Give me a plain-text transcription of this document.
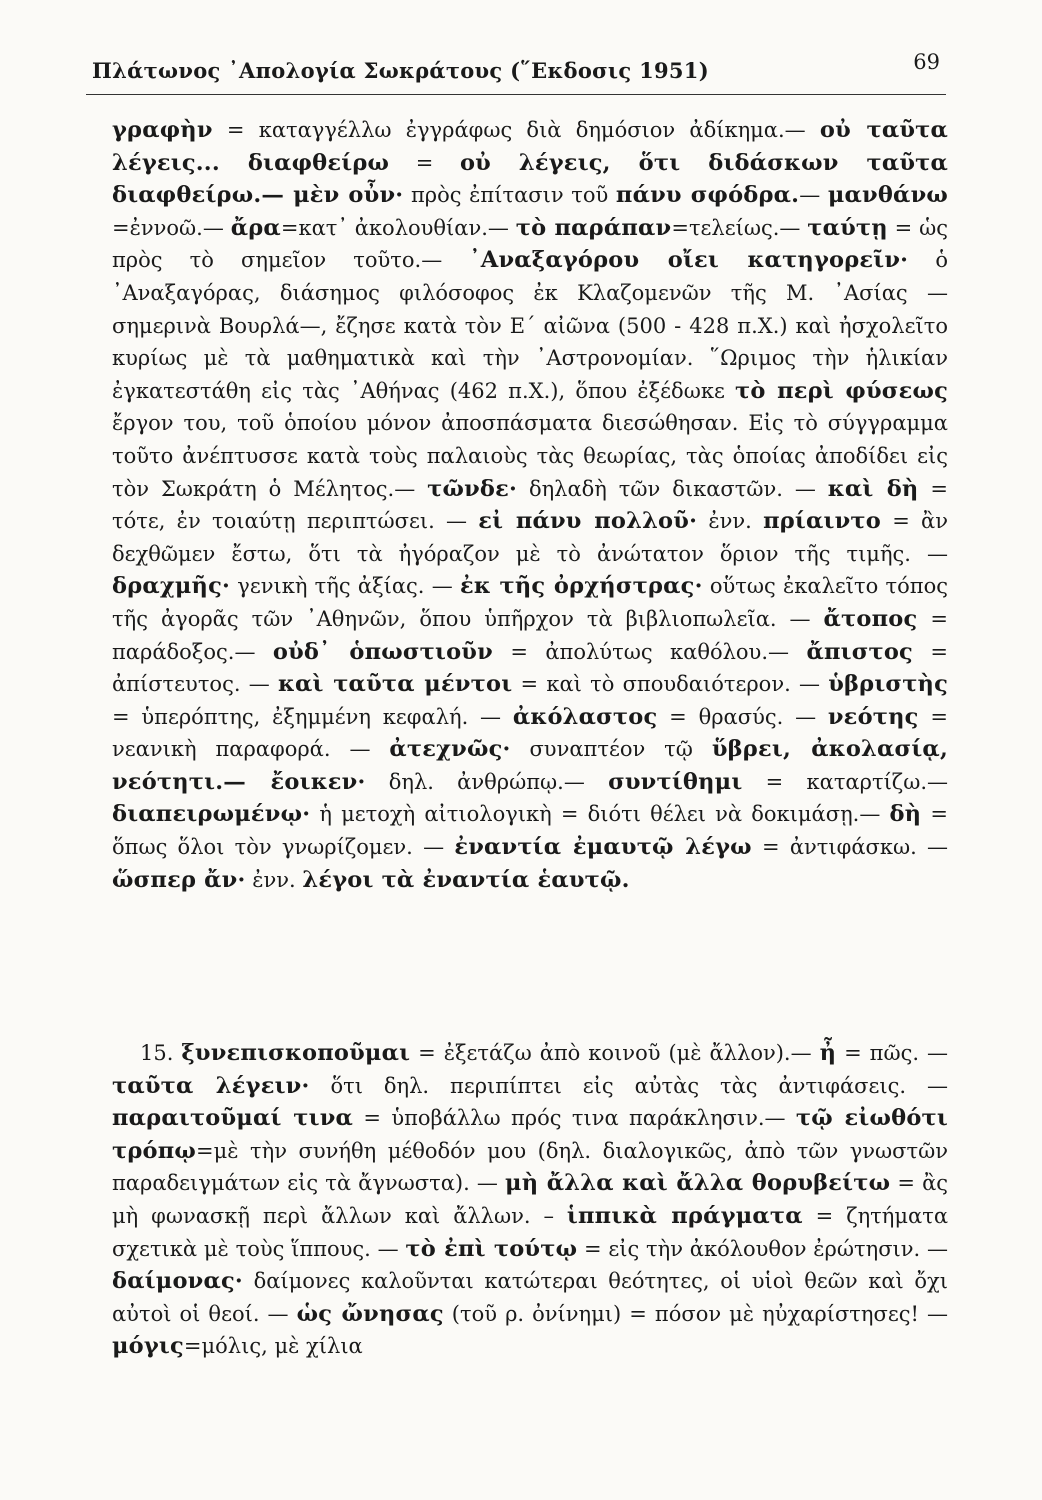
Πλάτωνος ᾽Απολογία Σωκράτους (῞Εκδοσις 1951)	69

γραφὴν = καταγγέλλω ἐγγράφως διὰ δημόσιον ἀδίκημα.— οὐ ταῦτα λέγεις... διαφθείρω = οὐ λέγεις, ὅτι διδάσκων ταῦτα διαφθείρω.— μὲν οὖν· πρὸς ἐπίτασιν τοῦ πάνυ σφόδρα.— μανθάνω =ἐννοῶ.— ἄρα=κατ᾽ ἀκολουθίαν.— τὸ παράπαν=τελείως.— ταύτῃ = ὡς πρὸς τὸ σημεῖον τοῦτο.— ᾽Αναξαγόρου οἴει κατηγορεῖν· ὁ ᾽Αναξαγόρας, διάσημος φιλόσοφος ἐκ Κλαζομενῶν τῆς Μ. ᾽Ασίας — σημερινὰ Βουρλά—, ἔζησε κατὰ τὸν Ε΄ αἰῶνα (500 - 428 π.Χ.) καὶ ἠσχολεῖτο κυρίως μὲ τὰ μαθηματικὰ καὶ τὴν ᾽Αστρονομίαν. ῞Ωριμος τὴν ἡλικίαν ἐγκατεστάθη εἰς τὰς ᾽Αθήνας (462 π.Χ.), ὅπου ἐξέδωκε τὸ περὶ φύσεως ἔργον του, τοῦ ὁποίου μόνον ἀποσπάσματα διεσώθησαν. Εἰς τὸ σύγγραμμα τοῦτο ἀνέπτυσσε κατὰ τοὺς παλαιοὺς τὰς θεωρίας, τὰς ὁποίας ἀποδίδει εἰς τὸν Σωκράτη ὁ Μέλητος.— τῶνδε· δηλαδὴ τῶν δικαστῶν. — καὶ δὴ = τότε, ἐν τοιαύτῃ περιπτώσει. — εἰ πάνυ πολλοῦ· ἐνν. πρίαιντο = ἂν δεχθῶμεν ἔστω, ὅτι τὰ ἠγόραζον μὲ τὸ ἀνώτατον ὅριον τῆς τιμῆς. — δραχμῆς· γενικὴ τῆς ἀξίας. — ἐκ τῆς ὀρχήστρας· οὕτως ἐκαλεῖτο τόπος τῆς ἀγορᾶς τῶν ᾽Αθηνῶν, ὅπου ὑπῆρχον τὰ βιβλιοπωλεῖα. — ἄτοπος = παράδοξος.— οὐδ᾽ ὁπωστιοῦν = ἀπολύτως καθόλου.— ἄπιστος = ἀπίστευτος. — καὶ ταῦτα μέντοι = καὶ τὸ σπουδαιότερον. — ὑβριστὴς = ὑπερόπτης, ἐξημμένη κεφαλή. — ἀκόλαστος = θρασύς. — νεότης = νεανικὴ παραφορά. — ἀτεχνῶς· συναπτέον τῷ ὕβρει, ἀκολασίᾳ, νεότητι.— ἔοικεν· δηλ. ἀνθρώπῳ.— συντίθημι = καταρτίζω.— διαπειρωμένῳ· ἡ μετοχὴ αἰτιολογικὴ = διότι θέλει νὰ δοκιμάσῃ.— δὴ = ὅπως ὅλοι τὸν γνωρίζομεν. — ἐναντία ἐμαυτῷ λέγω = ἀντιφάσκω. — ὥσπερ ἄν· ἐνν. λέγοι τὰ ἐναντία ἑαυτῷ.

15. ξυνεπισκοποῦμαι = ἐξετάζω ἀπὸ κοινοῦ (μὲ ἄλλον).— ἦ = πῶς. — ταῦτα λέγειν· ὅτι δηλ. περιπίπτει εἰς αὐτὰς τὰς ἀντιφάσεις. — παραιτοῦμαί τινα = ὑποβάλλω πρός τινα παράκλησιν.— τῷ εἰωθότι τρόπῳ=μὲ τὴν συνήθη μέθοδόν μου (δηλ. διαλογικῶς, ἀπὸ τῶν γνωστῶν παραδειγμάτων εἰς τὰ ἄγνωστα). — μὴ ἄλλα καὶ ἄλλα θορυβείτω = ἂς μὴ φωνασκῇ περὶ ἄλλων καὶ ἄλλων. – ἱππικὰ πράγματα = ζητήματα σχετικὰ μὲ τοὺς ἵππους. — τὸ ἐπὶ τούτῳ = εἰς τὴν ἀκόλουθον ἐρώτησιν. — δαίμονας· δαίμονες καλοῦνται κατώτεραι θεότητες, οἱ υἱοὶ θεῶν καὶ ὄχι αὐτοὶ οἱ θεοί. — ὡς ὤνησας (τοῦ ρ. ὀνίνημι) = πόσον μὲ ηὐχαρίστησες! — μόγις=μόλις, μὲ χίλια
